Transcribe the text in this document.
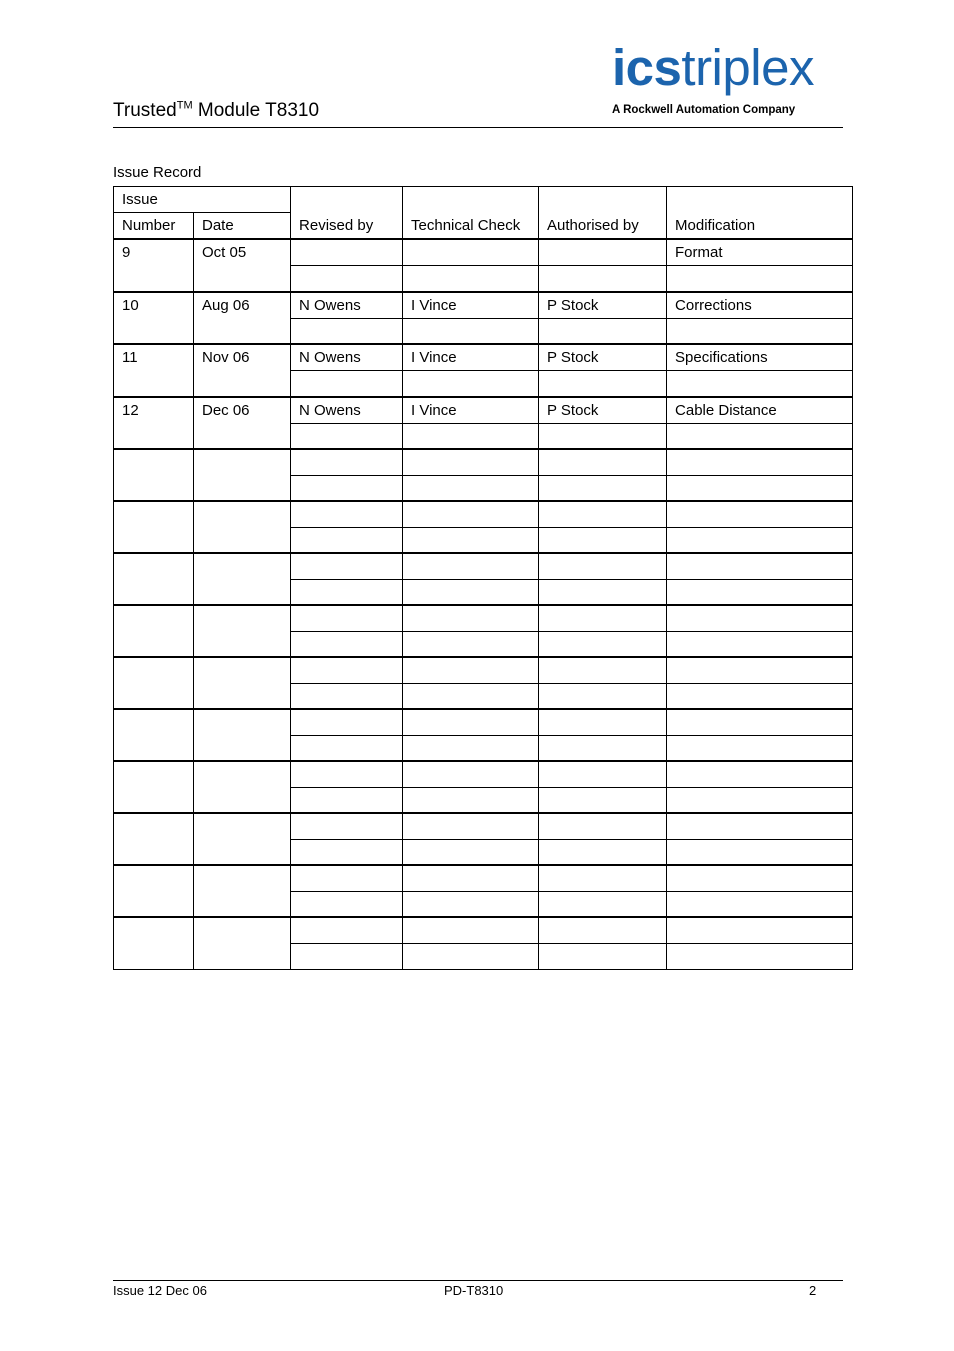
Trusted™ Module T8310
icstriplex
A Rockwell Automation Company
Issue Record
Issue		Revised by	Technical Check	Authorised by	Modification
Number	Date				
9	Oct 05				Format

10	Aug 06	N Owens	I Vince	P Stock	Corrections

11	Nov 06	N Owens	I Vince	P Stock	Specifications

12	Dec 06	N Owens	I Vince	P Stock	Cable Distance

Issue 12 Dec 06	PD-T8310	2
